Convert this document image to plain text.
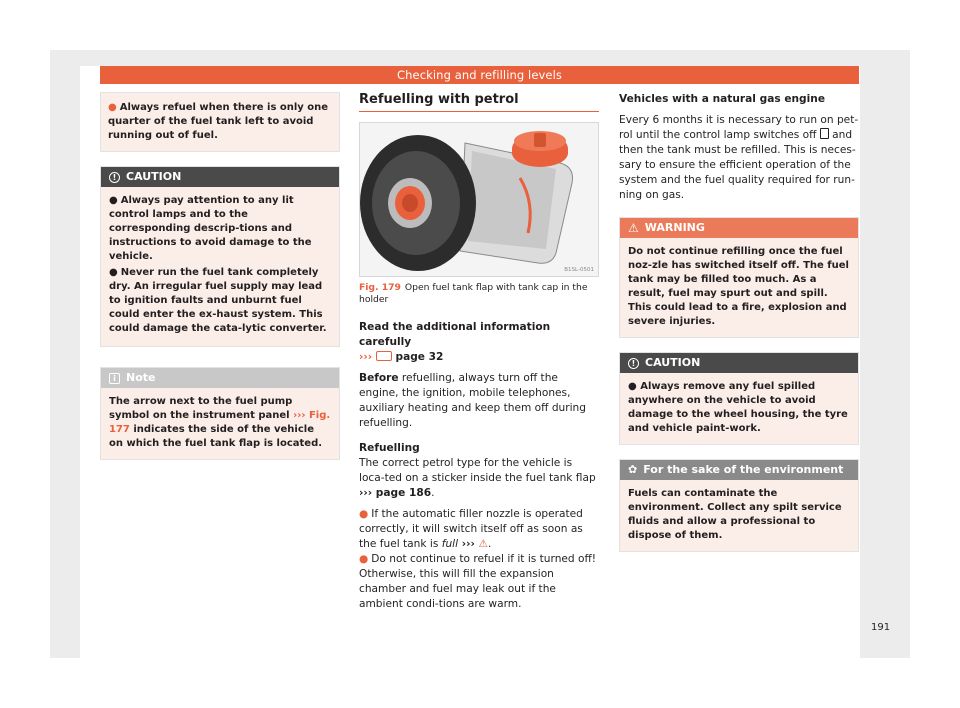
Checking and refilling levels
● Always refuel when there is only one quarter of the fuel tank left to avoid running out of fuel.
! CAUTION

● Always pay attention to any lit control lamps and to the corresponding descrip-tions and instructions to avoid damage to the vehicle.

● Never run the fuel tank completely dry. An irregular fuel supply may lead to ignition faults and unburnt fuel could enter the ex-haust system. This could damage the cata-lytic converter.

i Note
The arrow next to the fuel pump symbol on the instrument panel ››› Fig. 177 indicates the side of the vehicle on which the fuel tank flap is located.
Refuelling with petrol
B1SL-0501
Fig. 179 Open fuel tank flap with tank cap in the holder
Read the additional information carefully
›››  page 32
Before refuelling, always turn off the engine, the ignition, mobile telephones, auxiliary heating and keep them off during refuelling.
Refuelling
The correct petrol type for the vehicle is loca-ted on a sticker inside the fuel tank flap
››› page 186.
● If the automatic filler nozzle is operated correctly, it will switch itself off as soon as the fuel tank is full ››› ⚠.
● Do not continue to refuel if it is turned off! Otherwise, this will fill the expansion chamber and fuel may leak out if the ambient condi-tions are warm.
Vehicles with a natural gas engine
Every 6 months it is necessary to run on pet-rol until the control lamp switches off  and then the tank must be refilled. This is neces-sary to ensure the efficient operation of the system and the fuel quality required for run-ning on gas.
⚠ WARNING
Do not continue refilling once the fuel noz-zle has switched itself off. The fuel tank may be filled too much. As a result, fuel may spurt out and spill. This could lead to a fire, explosion and severe injuries.
! CAUTION
● Always remove any fuel spilled anywhere on the vehicle to avoid damage to the wheel housing, the tyre and vehicle paint-work.
✿ For the sake of the environment
Fuels can contaminate the environment. Collect any spilt service fluids and allow a professional to dispose of them.
191
